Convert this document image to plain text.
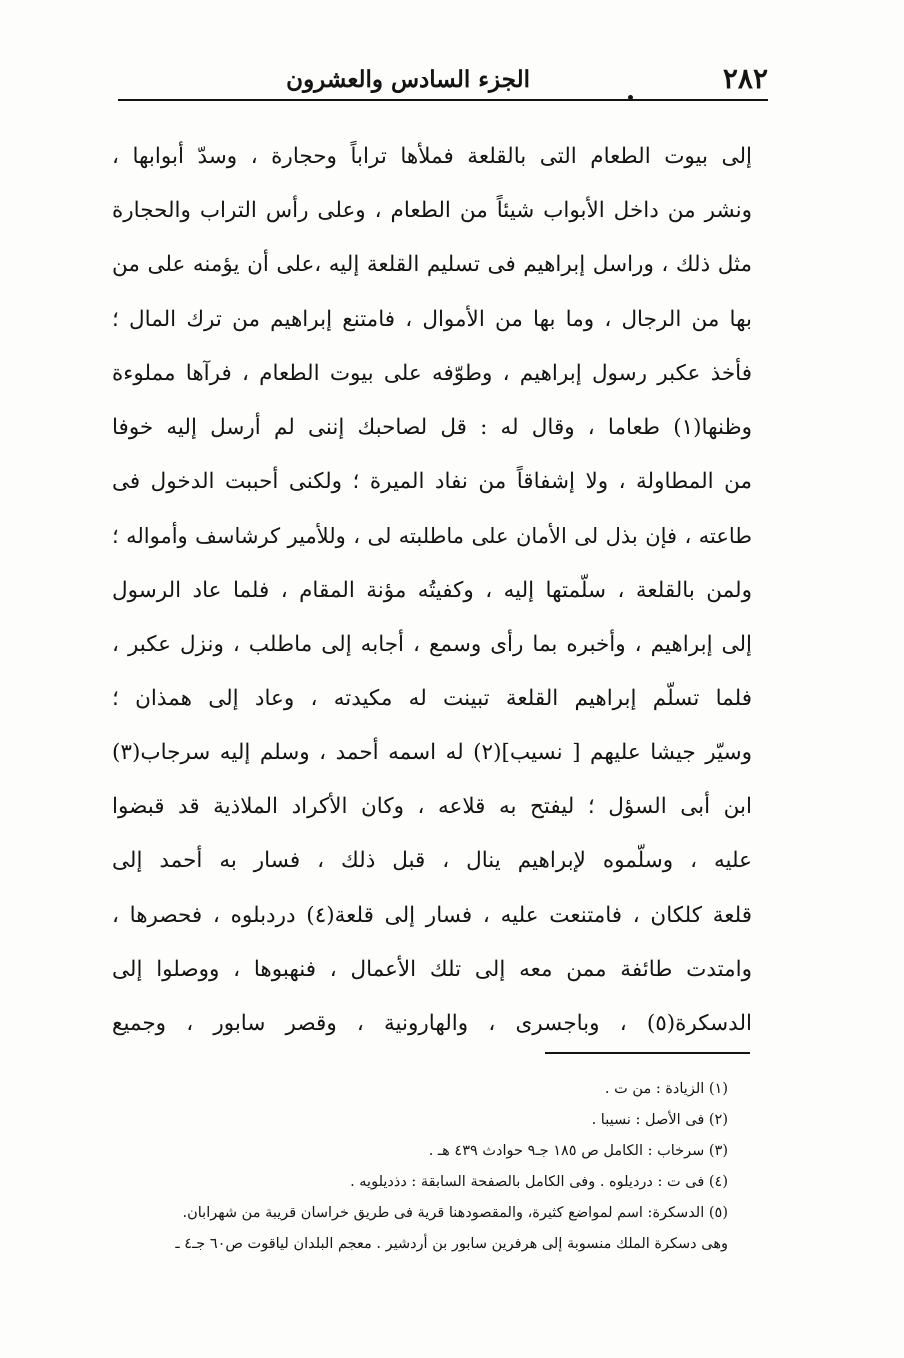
٢٨٢
الجزء السادس والعشرون
إلى بيوت الطعام التى بالقلعة فملأها تراباً وحجارة ، وسدّ أبوابها ،
ونشر من داخل الأبواب شيئاً من الطعام ، وعلى رأس التراب والحجارة
مثل ذلك ، وراسل إبراهيم فى تسليم القلعة إليه ،على أن يؤمنه على من
بها من الرجال ، وما بها من الأموال ، فامتنع إبراهيم من ترك المال ؛
فأخذ عكبر رسول إبراهيم ، وطوّفه على بيوت الطعام ، فرآها مملوءة
وظنها(١) طعاما ، وقال له : قل لصاحبك إننى لم أرسل إليه خوفا
من المطاولة ، ولا إشفاقاً من نفاد الميرة ؛ ولكنى أحببت الدخول فى
طاعته ، فإن بذل لى الأمان على ماطلبته لى ، وللأمير كرشاسف وأمواله ؛
ولمن بالقلعة ، سلّمتها إليه ، وكفيتُه مؤنة المقام ، فلما عاد الرسول
إلى إبراهيم ، وأخبره بما رأى وسمع ، أجابه إلى ماطلب ، ونزل عكبر ،
فلما تسلّم إبراهيم القلعة تبينت له مكيدته ، وعاد إلى همذان ؛
وسيّر جيشا عليهم [ نسيب](٢) له اسمه أحمد ، وسلم إليه سرجاب(٣)
ابن أبى السؤل ؛ ليفتح به قلاعه ، وكان الأكراد الملاذية قد قبضوا
عليه ، وسلّموه لإبراهيم ينال ، قبل ذلك ، فسار به أحمد إلى
قلعة كلكان ، فامتنعت عليه ، فسار إلى قلعة(٤) دردبلوه ، فحصرها ،
وامتدت طائفة ممن معه إلى تلك الأعمال ، فنهبوها ، ووصلوا إلى
الدسكرة(٥) ، وباجسرى ، والهارونية ، وقصر سابور ، وجميع
(١) الزيادة : من ت .
(٢) فى الأصل : نسيبا .
(٣) سرخاب : الكامل ص ١٨٥ جـ٩ حوادث ٤٣٩ هـ .
(٤) فى ت : درديلوه . وفى الكامل بالصفحة السابقة : دذديلويه .
(٥) الدسكرة: اسم لمواضع كثيرة، والمقصودهنا قرية فى طريق خراسان قريبة من شهرابان.
وهى دسكرة الملك منسوبة إلى هرفرين سابور بن أردشير . معجم البلدان لياقوت ص٦٠ جـ٤ ـ
